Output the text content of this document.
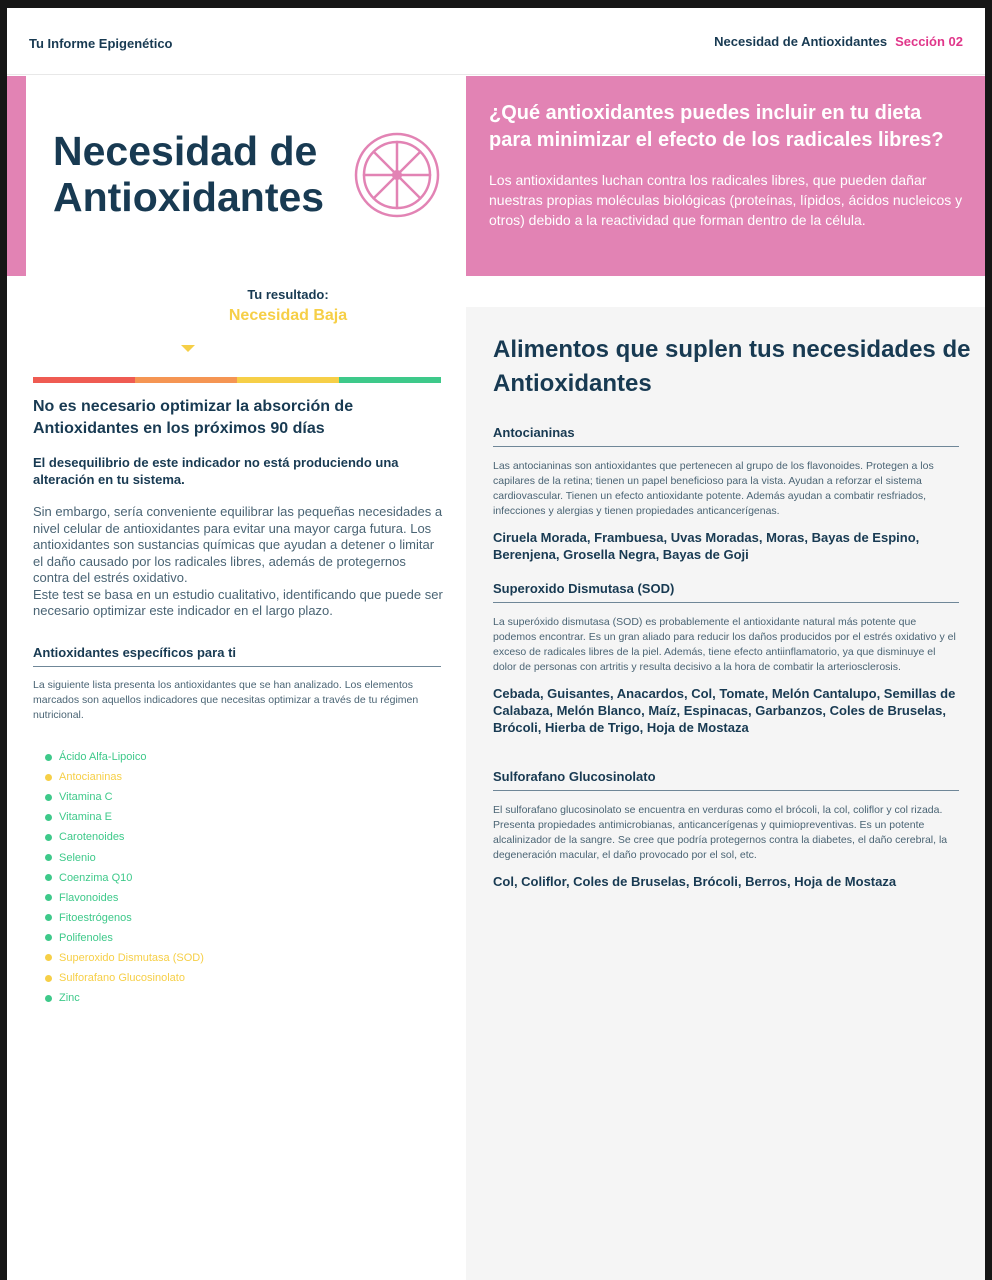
Tu Informe Epigenético	Necesidad de Antioxidantes Sección 02
Necesidad de
Antioxidantes
¿Qué antioxidantes puedes incluir en tu dieta para minimizar el efecto de los radicales libres?

Los antioxidantes luchan contra los radicales libres, que pueden dañar nuestras propias moléculas biológicas (proteínas, lípidos, ácidos nucleicos y otros) debido a la reactividad que forman dentro de la célula.

Tu resultado:
Necesidad Baja
No es necesario optimizar la absorción de Antioxidantes en los próximos 90 días
El desequilibrio de este indicador no está produciendo una alteración en tu sistema.
Sin embargo, sería conveniente equilibrar las pequeñas necesidades a nivel celular de antioxidantes para evitar una mayor carga futura. Los antioxidantes son sustancias químicas que ayudan a detener o limitar el daño causado por los radicales libres, además de protegernos contra del estrés oxidativo.
Este test se basa en un estudio cualitativo, identificando que puede ser necesario optimizar este indicador en el largo plazo.
Antioxidantes específicos para ti
La siguiente lista presenta los antioxidantes que se han analizado. Los elementos marcados son aquellos indicadores que necesitas optimizar a través de tu régimen nutricional.
Ácido Alfa-Lipoico
Antocianinas
Vitamina C
Vitamina E
Carotenoides
Selenio
Coenzima Q10
Flavonoides
Fitoestrógenos
Polifenoles
Superoxido Dismutasa (SOD)
Sulforafano Glucosinolato
Zinc
Alimentos que suplen tus necesidades de Antioxidantes
Antocianinas

Las antocianinas son antioxidantes que pertenecen al grupo de los flavonoides. Protegen a los capilares de la retina; tienen un papel beneficioso para la vista. Ayudan a reforzar el sistema cardiovascular. Tienen un efecto antioxidante potente. Además ayudan a combatir resfriados, infecciones y alergias y tienen propiedades anticancerígenas.

Ciruela Morada, Frambuesa, Uvas Moradas, Moras, Bayas de Espino, Berenjena, Grosella Negra, Bayas de Goji
Superoxido Dismutasa (SOD)

La superóxido dismutasa (SOD) es probablemente el antioxidante natural más potente que podemos encontrar. Es un gran aliado para reducir los daños producidos por el estrés oxidativo y el exceso de radicales libres de la piel. Además, tiene efecto antiinflamatorio, ya que disminuye el dolor de personas con artritis y resulta decisivo a la hora de combatir la arteriosclerosis.

Cebada, Guisantes, Anacardos, Col, Tomate, Melón Cantalupo, Semillas de Calabaza, Melón Blanco, Maíz, Espinacas, Garbanzos, Coles de Bruselas, Brócoli, Hierba de Trigo, Hoja de Mostaza
Sulforafano Glucosinolato

El sulforafano glucosinolato se encuentra en verduras como el brócoli, la col, coliflor y col rizada. Presenta propiedades antimicrobianas, anticancerígenas y quimiopreventivas. Es un potente alcalinizador de la sangre. Se cree que podría protegernos contra la diabetes, el daño cerebral, la degeneración macular, el daño provocado por el sol, etc.

Col, Coliflor, Coles de Bruselas, Brócoli, Berros, Hoja de Mostaza
